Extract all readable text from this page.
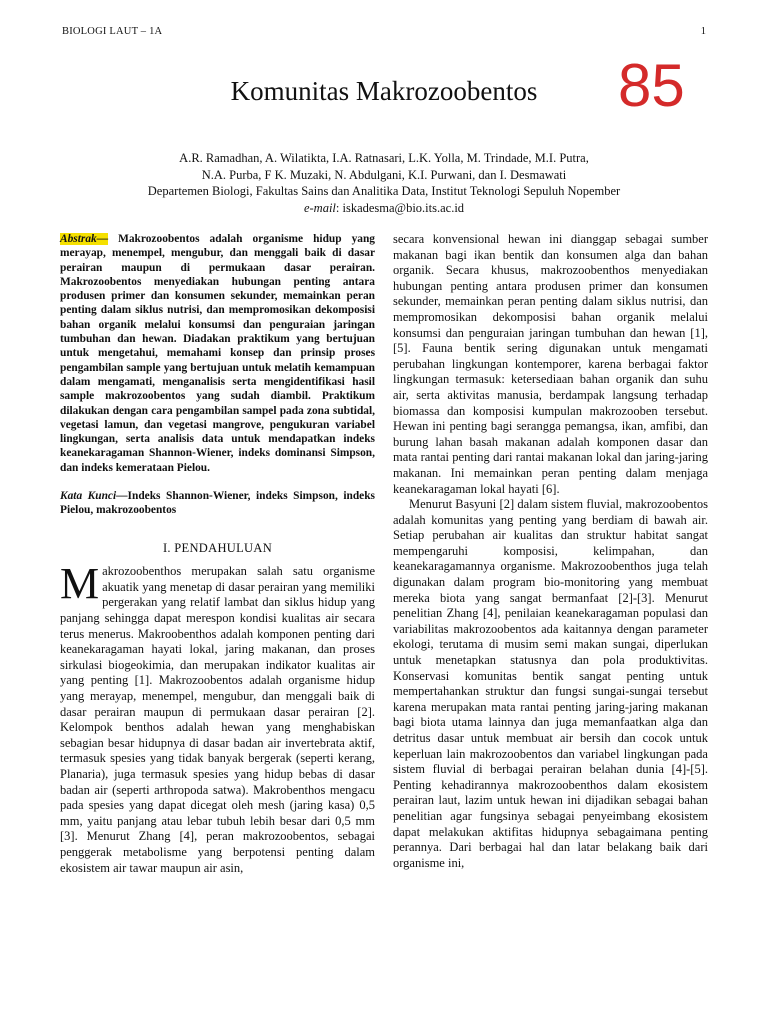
BIOLOGI LAUT – 1A	1
Komunitas Makrozoobentos	85
A.R. Ramadhan, A. Wilatikta, I.A. Ratnasari, L.K. Yolla, M. Trindade, M.I. Putra,
N.A. Purba, F K. Muzaki, N. Abdulgani, K.I. Purwani, dan I. Desmawati
Departemen Biologi, Fakultas Sains dan Analitika Data, Institut Teknologi Sepuluh Nopember
e-mail: iskadesma@bio.its.ac.id

Abstrak— Makrozoobentos adalah organisme hidup yang merayap, menempel, mengubur, dan menggali baik di dasar perairan maupun di permukaan dasar perairan. Makrozoobentos menyediakan hubungan penting antara produsen primer dan konsumen sekunder, memainkan peran penting dalam siklus nutrisi, dan mempromosikan dekomposisi bahan organik melalui konsumsi dan penguraian jaringan tumbuhan dan hewan. Diadakan praktikum yang bertujuan untuk mengetahui, memahami konsep dan prinsip proses pengambilan sample yang bertujuan untuk melatih kemampuan dalam mengamati, menganalisis serta mengidentifikasi hasil sample makrozoobentos yang sudah diambil. Praktikum dilakukan dengan cara pengambilan sampel pada zona subtidal, vegetasi lamun, dan vegetasi mangrove, pengukuran variabel lingkungan, serta analisis data untuk mendapatkan indeks keanekaragaman Shannon-Wiener, indeks dominansi Simpson, dan indeks kemerataan Pielou.

Kata Kunci—Indeks Shannon-Wiener, indeks Simpson, indeks Pielou, makrozoobentos

I. PENDAHULUAN

Makrozoobenthos merupakan salah satu organisme akuatik yang menetap di dasar perairan yang memiliki pergerakan yang relatif lambat dan siklus hidup yang panjang sehingga dapat merespon kondisi kualitas air secara terus menerus. Makroobenthos adalah komponen penting dari keanekaragaman hayati lokal, jaring makanan, dan proses sirkulasi biogeokimia, dan merupakan indikator kualitas air yang penting [1]. Makrozoobentos adalah organisme hidup yang merayap, menempel, mengubur, dan menggali baik di dasar perairan maupun di permukaan dasar perairan [2]. Kelompok benthos adalah hewan yang menghabiskan sebagian besar hidupnya di dasar badan air invertebrata aktif, termasuk spesies yang tidak banyak bergerak (seperti kerang, Planaria), juga termasuk spesies yang hidup bebas di dasar badan air (seperti arthropoda satwa). Makrobenthos mengacu pada spesies yang dapat dicegat oleh mesh (jaring kasa) 0,5 mm, yaitu panjang atau lebar tubuh lebih besar dari 0,5 mm [3]. Menurut Zhang [4], peran makrozoobentos, sebagai penggerak metabolisme yang berpotensi penting dalam ekosistem air tawar maupun air asin,

secara konvensional hewan ini dianggap sebagai sumber makanan bagi ikan bentik dan konsumen alga dan bahan organik. Secara khusus, makrozoobenthos menyediakan hubungan penting antara produsen primer dan konsumen sekunder, memainkan peran penting dalam siklus nutrisi, dan mempromosikan dekomposisi bahan organik melalui konsumsi dan penguraian jaringan tumbuhan dan hewan [1], [5]. Fauna bentik sering digunakan untuk mengamati perubahan lingkungan kontemporer, karena berbagai faktor lingkungan termasuk: ketersediaan bahan organik dan suhu air, serta aktivitas manusia, berdampak langsung terhadap biomassa dan komposisi kumpulan makrozooben tersebut. Hewan ini penting bagi serangga pemangsa, ikan, amfibi, dan burung lahan basah makanan adalah komponen dasar dan mata rantai penting dari rantai makanan lokal dan jaring-jaring makanan. Ini memainkan peran penting dalam menjaga keanekaragaman lokal hayati [6].

Menurut Basyuni [2] dalam sistem fluvial, makrozoobentos adalah komunitas yang penting yang berdiam di bawah air. Setiap perubahan air kualitas dan struktur habitat sangat mempengaruhi komposisi, kelimpahan, dan keanekaragamannya organisme. Makrozoobenthos juga telah digunakan dalam program bio-monitoring yang membuat mereka biota yang sangat bermanfaat [2]-[3]. Menurut penelitian Zhang [4], penilaian keanekaragaman populasi dan variabilitas makrozoobentos ada kaitannya dengan parameter ekologi, terutama di musim semi makan sungai, diperlukan untuk menetapkan statusnya dan pola produktivitas. Konservasi komunitas bentik sangat penting untuk mempertahankan struktur dan fungsi sungai-sungai tersebut karena merupakan mata rantai penting jaring-jaring makanan bagi biota utama lainnya dan juga memanfaatkan alga dan detritus dasar untuk membuat air bersih dan cocok untuk keperluan lain makrozoobentos dan variabel lingkungan pada sistem fluvial di berbagai perairan belahan dunia [4]-[5]. Penting kehadirannya makrozoobenthos dalam ekosistem perairan laut, lazim untuk hewan ini dijadikan sebagai bahan penelitian agar fungsinya sebagai penyeimbang ekosistem dapat melakukan aktifitas hidupnya sebagaimana penting perannya. Dari berbagai hal dan latar belakang baik dari organisme ini,
